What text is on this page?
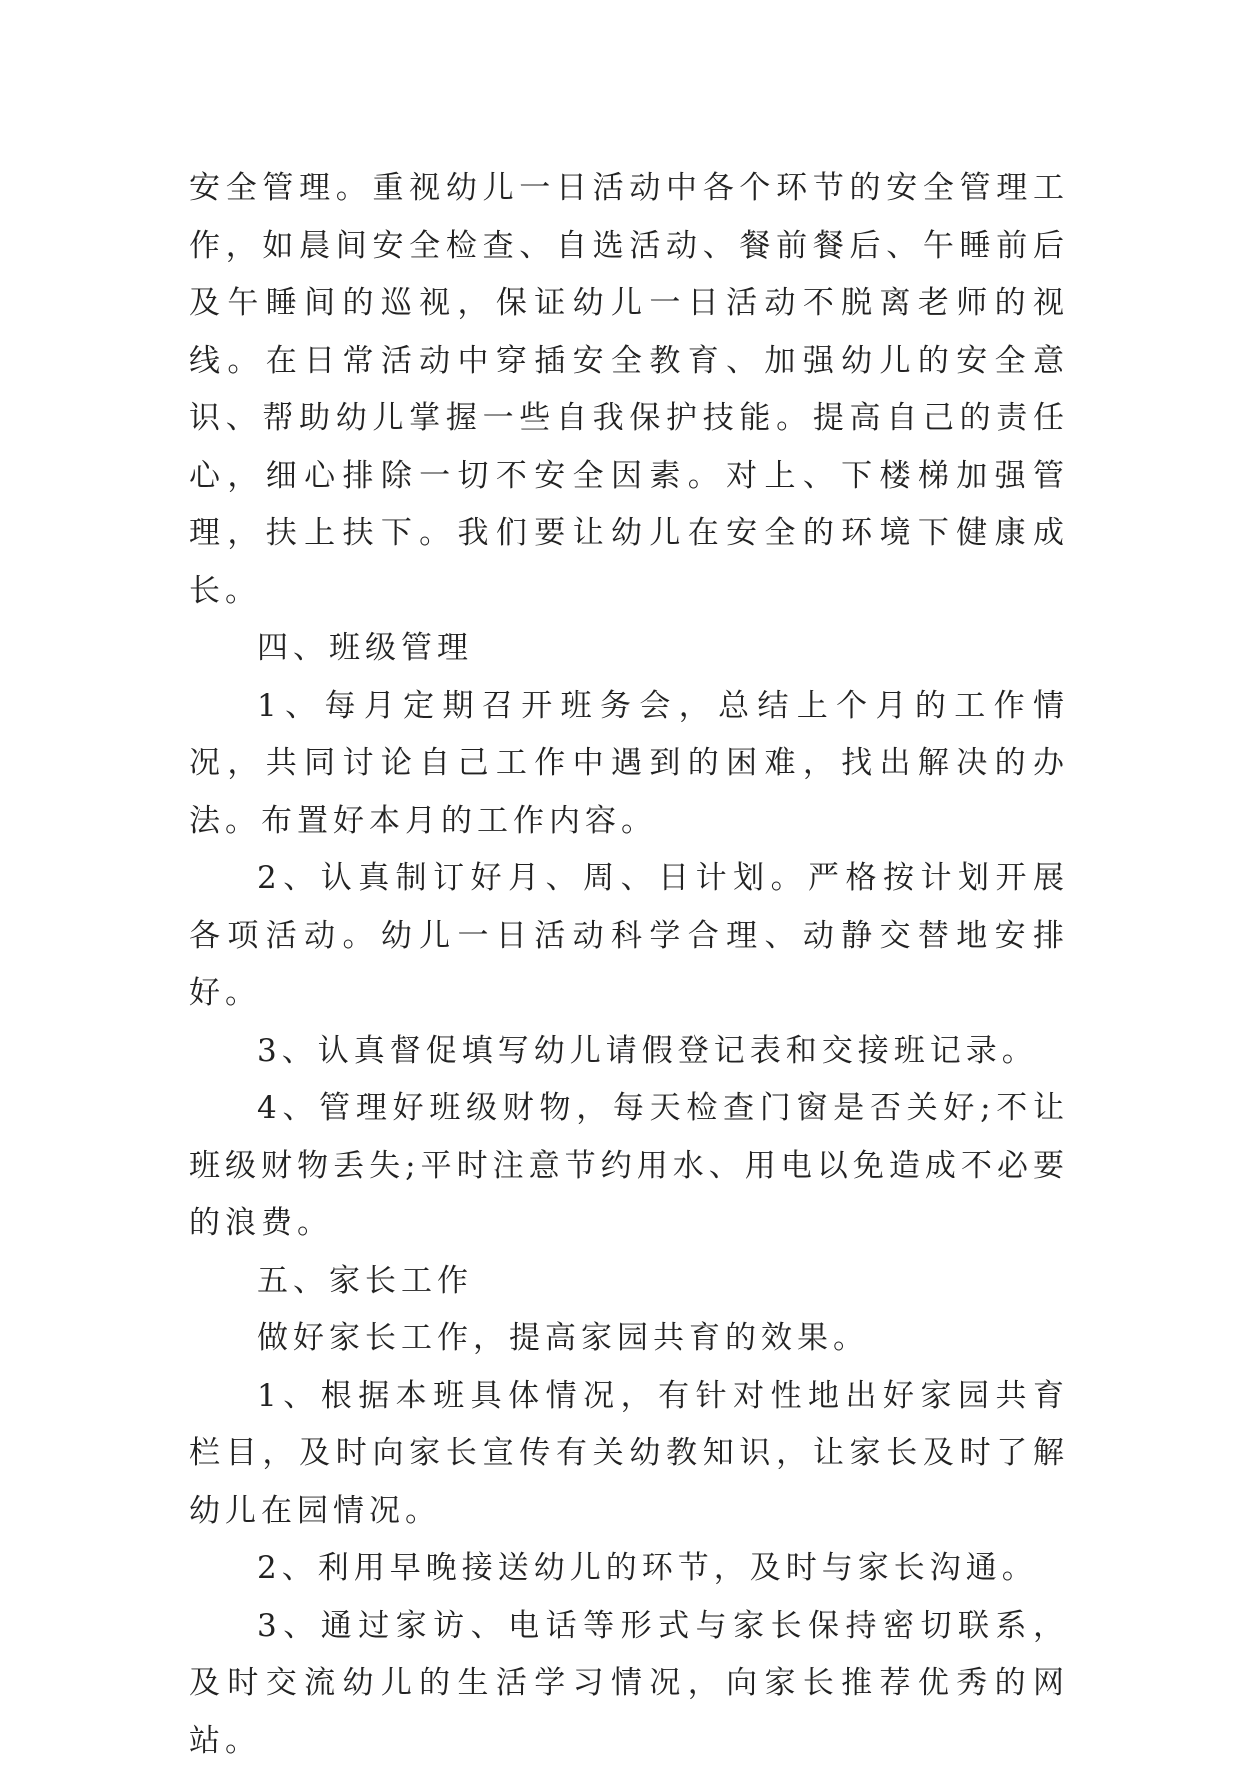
安全管理。重视幼儿一日活动中各个环节的安全管理工作，如晨间安全检查、自选活动、餐前餐后、午睡前后及午睡间的巡视，保证幼儿一日活动不脱离老师的视线。在日常活动中穿插安全教育、加强幼儿的安全意识、帮助幼儿掌握一些自我保护技能。提高自己的责任心，细心排除一切不安全因素。对上、下楼梯加强管理，扶上扶下。我们要让幼儿在安全的环境下健康成长。

四、班级管理

1、每月定期召开班务会，总结上个月的工作情况，共同讨论自己工作中遇到的困难，找出解决的办法。布置好本月的工作内容。

2、认真制订好月、周、日计划。严格按计划开展各项活动。幼儿一日活动科学合理、动静交替地安排好。

3、认真督促填写幼儿请假登记表和交接班记录。

4、管理好班级财物，每天检查门窗是否关好;不让班级财物丢失;平时注意节约用水、用电以免造成不必要的浪费。

五、家长工作

做好家长工作，提高家园共育的效果。

1、根据本班具体情况，有针对性地出好家园共育栏目，及时向家长宣传有关幼教知识，让家长及时了解幼儿在园情况。

2、利用早晚接送幼儿的环节，及时与家长沟通。

3、通过家访、电话等形式与家长保持密切联系，及时交流幼儿的生活学习情况，向家长推荐优秀的网站。
